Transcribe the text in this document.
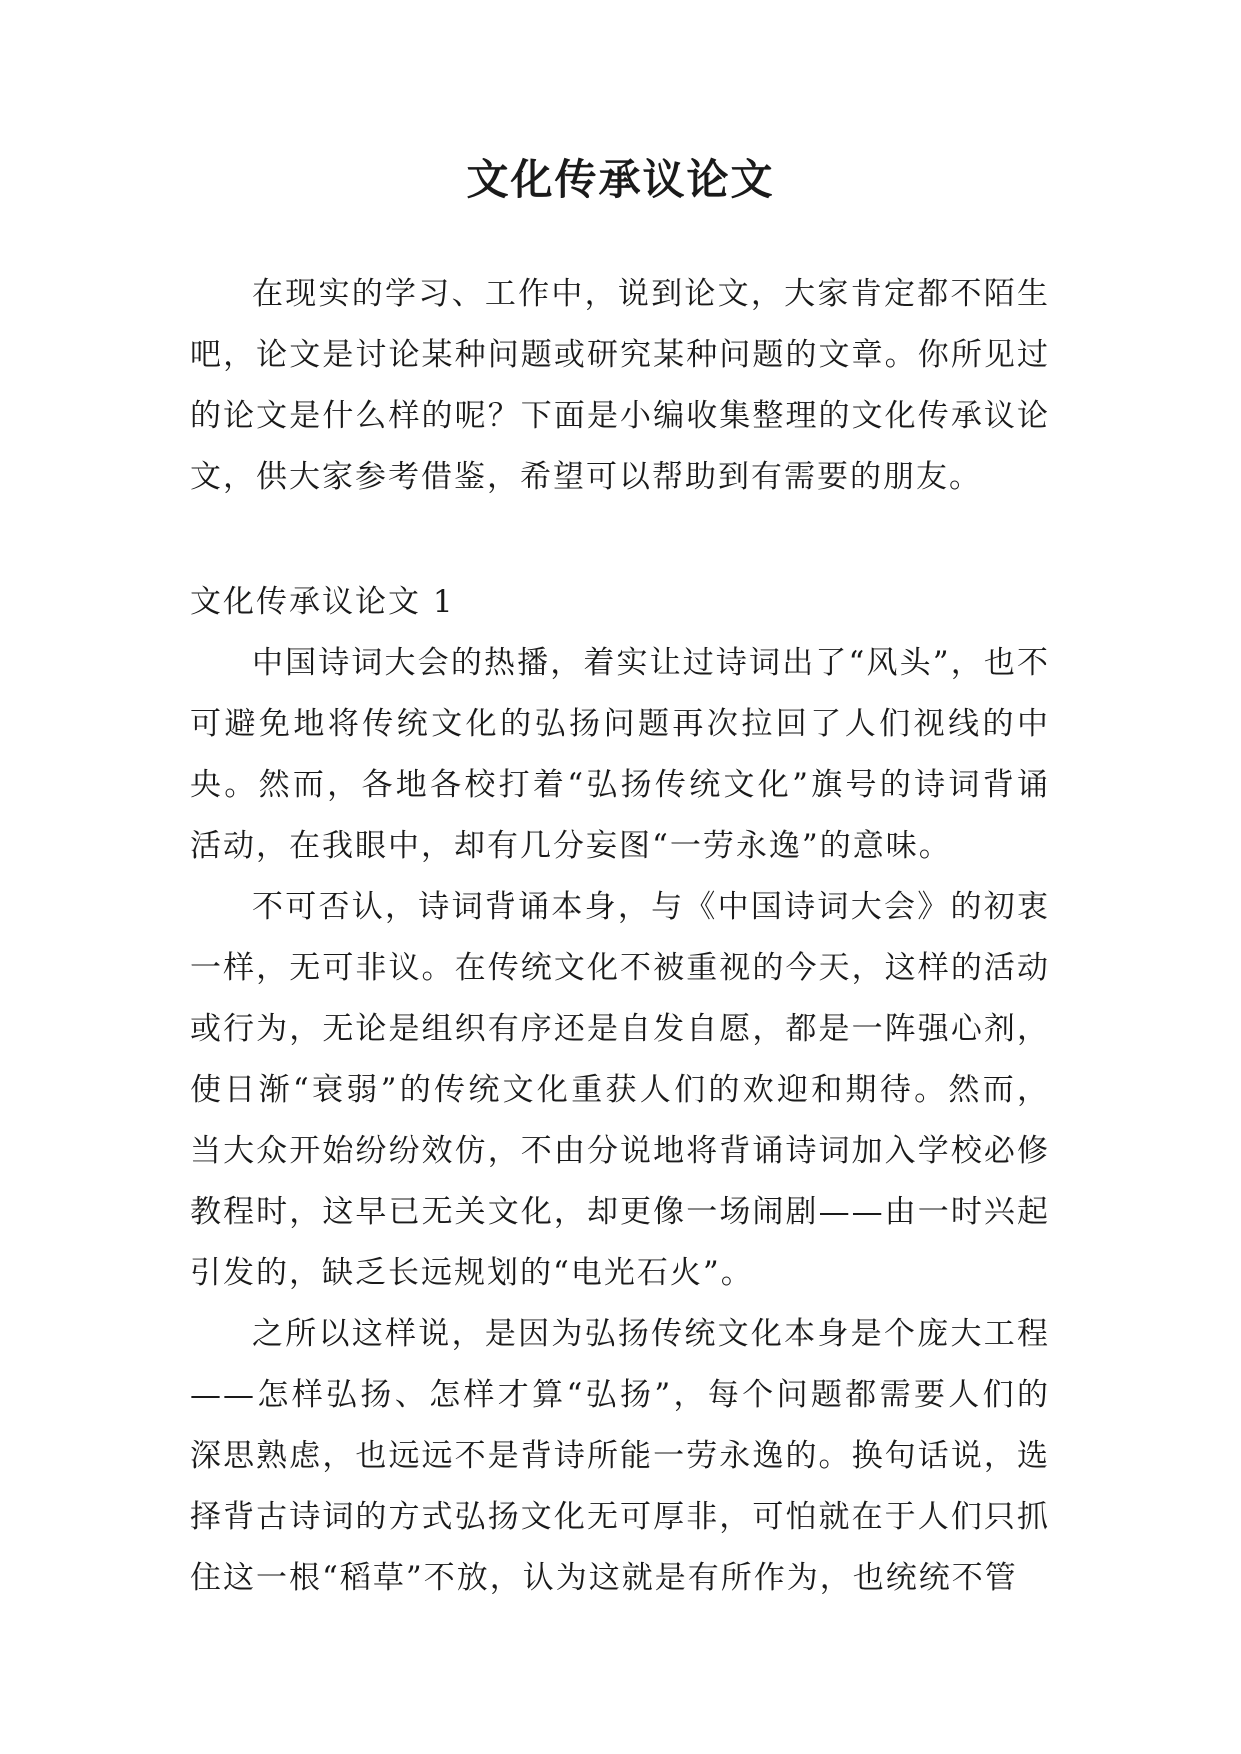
文化传承议论文

在现实的学习、工作中，说到论文，大家肯定都不陌生吧，论文是讨论某种问题或研究某种问题的文章。你所见过的论文是什么样的呢？下面是小编收集整理的文化传承议论文，供大家参考借鉴，希望可以帮助到有需要的朋友。

文化传承议论文 1

中国诗词大会的热播，着实让过诗词出了“风头”，也不可避免地将传统文化的弘扬问题再次拉回了人们视线的中央。然而，各地各校打着“弘扬传统文化”旗号的诗词背诵活动，在我眼中，却有几分妄图“一劳永逸”的意味。

不可否认，诗词背诵本身，与《中国诗词大会》的初衷一样，无可非议。在传统文化不被重视的今天，这样的活动或行为，无论是组织有序还是自发自愿，都是一阵强心剂，使日渐“衰弱”的传统文化重获人们的欢迎和期待。然而，当大众开始纷纷效仿，不由分说地将背诵诗词加入学校必修教程时，这早已无关文化，却更像一场闹剧——由一时兴起引发的，缺乏长远规划的“电光石火”。

之所以这样说，是因为弘扬传统文化本身是个庞大工程——怎样弘扬、怎样才算“弘扬”，每个问题都需要人们的深思熟虑，也远远不是背诗所能一劳永逸的。换句话说，选择背古诗词的方式弘扬文化无可厚非，可怕就在于人们只抓住这一根“稻草”不放，认为这就是有所作为，也统统不管
